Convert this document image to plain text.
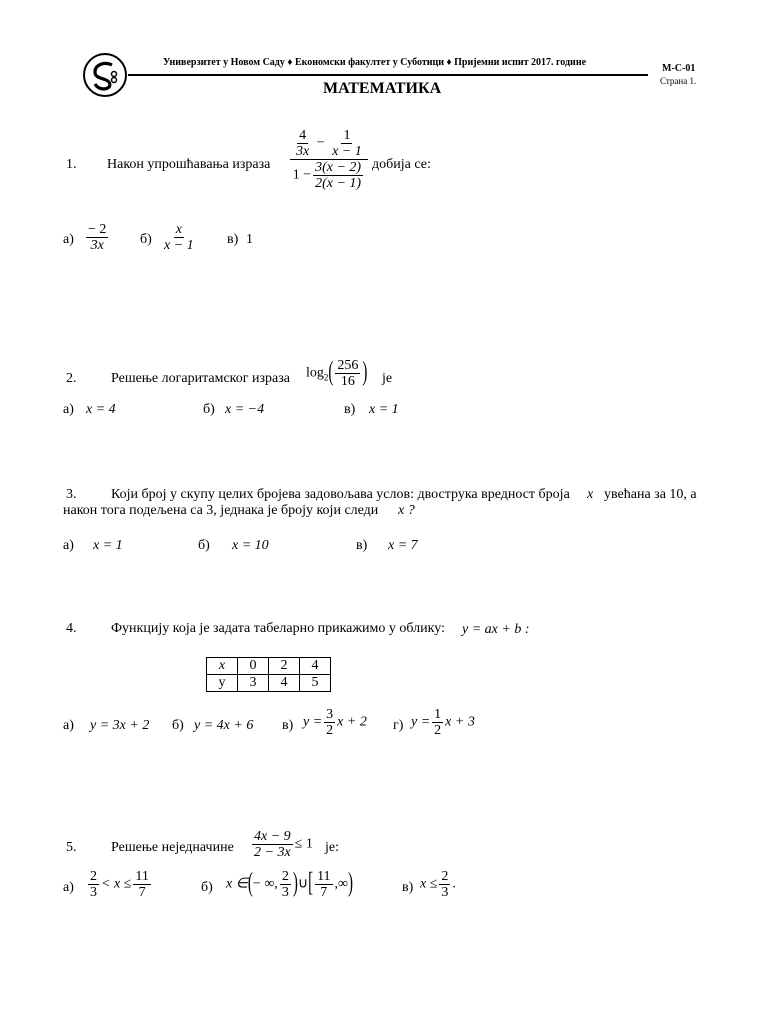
Универзитет у Новом Саду ♦ Економски факултет у Суботици ♦ Пријемни испит 2017. године
M-C-01
Страна 1.
МАТЕМАТИКА
1. Након упрошћавања израза $\frac{\frac{4}{3x} - \frac{1}{x - 1}}{1 - \frac{3(x - 2)}{2(x - 1)}}$ добија се:
$а) \frac{- 2}{3x} б) \frac{x}{x - 1} в$) 1
2. Решење логаритамског израза $\log_2( \frac{256}{16}$ ) је
а) x = 4	б) x = −4	в) x = 1
3. Који број у скупу целих бројева задовољава услов: двострука вредност броја x увећана за 10, а
након тога подељена са 3, једнака је броју који следи x ?
а) x = 1	б) x = 10	в) x = 7
4. Функцију која је задата табеларно прикажимо у облику: y = ax + b :
x	0	2	4
y	3	4	5
а) y = 3x + 2 б) y = 4x + 6 в) $y = \frac{3}{2}$ x + 2 г) $y = \frac{1}{2}$ x + 3
5. Решење неједначине $\frac{4x - 9}{2 - 3x} \le 1$ је:
$а) \frac{2}{3} < x \le \frac{11}{7}$	б) x ∈(− ∞, $\frac{2}{3}$ )∪[ $\frac{11}{7}$ ,∞)	в) $x \le \frac{2}{3}$ .
